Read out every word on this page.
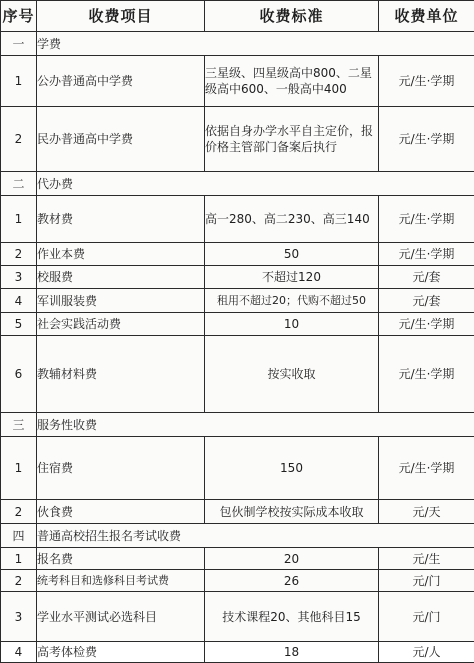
序号	收费项目	收费标准	收费单位
一	学费		
1	公办普通高中学费	三星级、四星级高中800、二星级高中600、一般高中400	元/生·学期
2	民办普通高中学费	依据自身办学水平自主定价，报价格主管部门备案后执行	元/生·学期
二	代办费		
1	教材费	高一280、高二230、高三140	元/生·学期
2	作业本费	50	元/生·学期
3	校服费	不超过120	元/套
4	军训服装费	租用不超过20；代购不超过50	元/套
5	社会实践活动费	10	元/生·学期
6	教辅材料费	按实收取	元/生·学期
三	服务性收费		
1	住宿费	150	元/生·学期
2	伙食费	包伙制学校按实际成本收取	元/天
四	普通高校招生报名考试收费		
1	报名费	20	元/生
2	统考科目和选修科目考试费	26	元/门
3	学业水平测试必选科目	技术课程20、其他科目15	元/门
4	高考体检费	18	元/人
